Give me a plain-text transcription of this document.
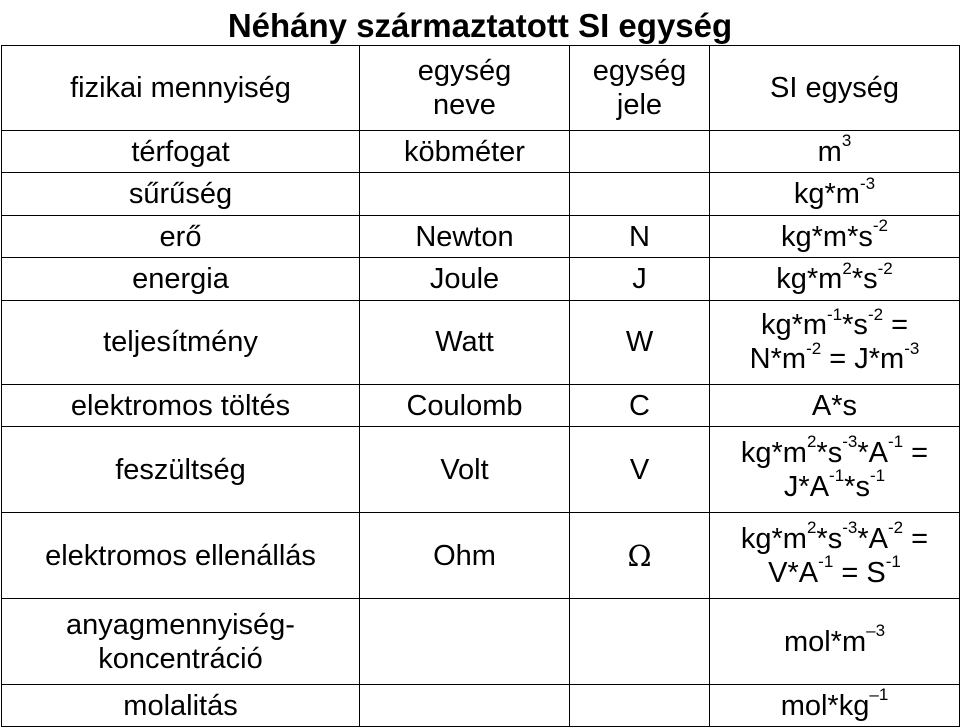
Néhány származtatott SI egység
fizikai mennyiség	egység neve	egység jele	SI egység
térfogat	köbméter		$m^3$
sűrűség			$kg*m^{-3}$
erő	Newton	N	$kg*m*s^{-2}$
energia	Joule	J	$kg*m^2*s^{-2}$
teljesítmény	Watt	W	$kg*m^{-1}*s^{-2}$ =
$N*m^{-2} = J*m^{-3}$
elektromos töltés	Coulomb	C	A*s
feszültség	Volt	V	$kg*m^2*s^{-3}*A^{-1}$ =
$J*A^{-1}*s^{-1}$
elektromos ellenállás	Ohm	Ω	$kg*m^2*s^{-3}*A^{-2}$ =
$V*A^{-1} = S^{-1}$
anyagmennyiség-
koncentráció			$mol*m^{-3}$
molalitás			$mol*kg^{-1}$
